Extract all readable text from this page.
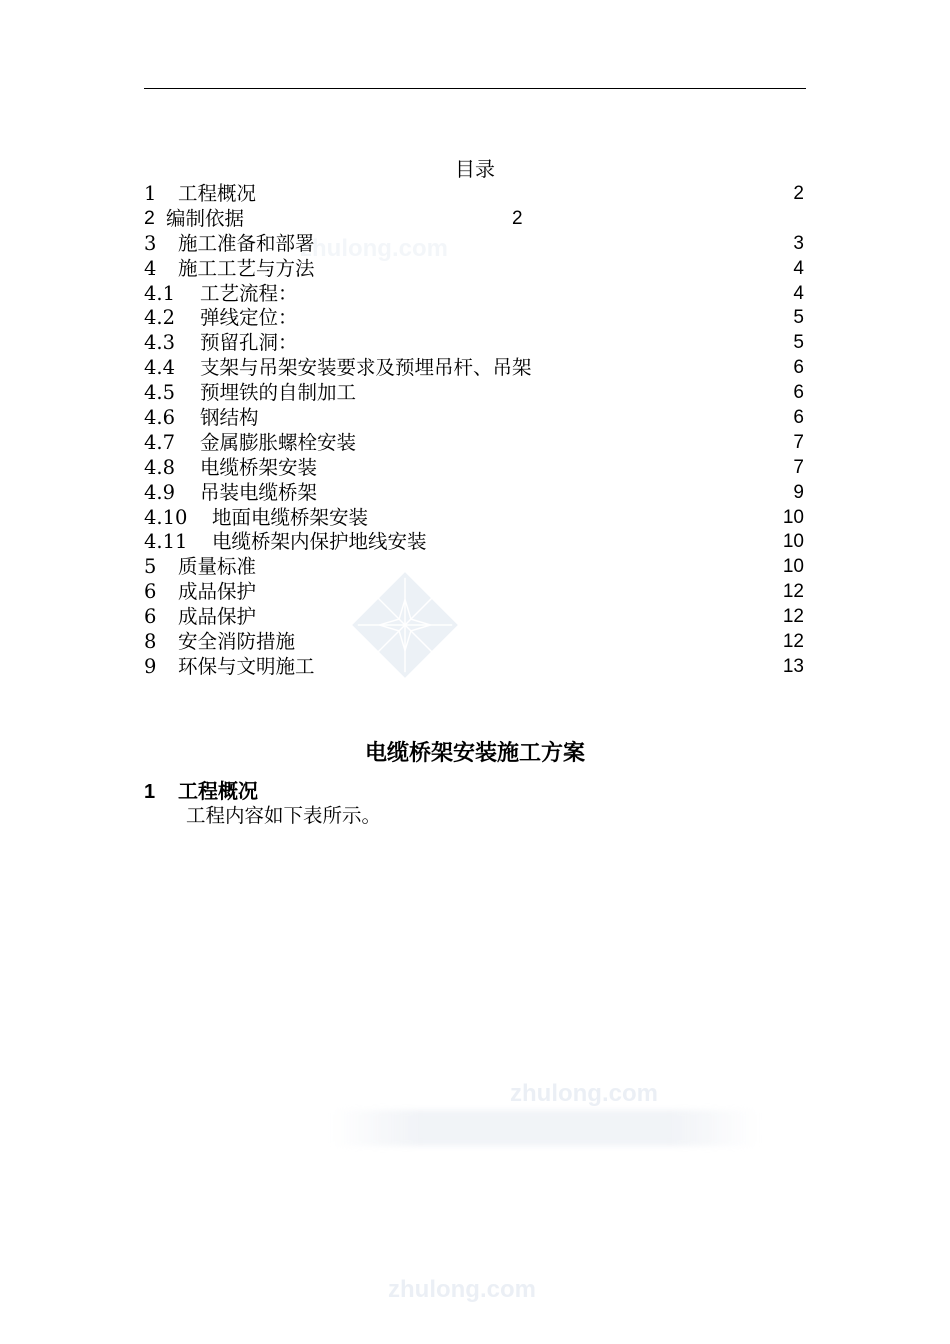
zhulong.com
zhulong.com
zhulong.com
目录
1 工程概况	2
2 编制依据	2
3 施工准备和部署	3
4 施工工艺与方法	4
4.1 工艺流程：	4
4.2 弹线定位：	5
4.3 预留孔洞：	5
4.4 支架与吊架安装要求及预埋吊杆、吊架	6
4.5 预埋铁的自制加工	6
4.6 钢结构	6
4.7 金属膨胀螺栓安装	7
4.8 电缆桥架安装	7
4.9 吊装电缆桥架	9
4.10 地面电缆桥架安装	10
4.11 电缆桥架内保护地线安装	10
5 质量标准	10
6 成品保护	12
6 成品保护	12
8 安全消防措施	12
9 环保与文明施工	13
电缆桥架安装施工方案
1 工程概况
工程内容如下表所示。
